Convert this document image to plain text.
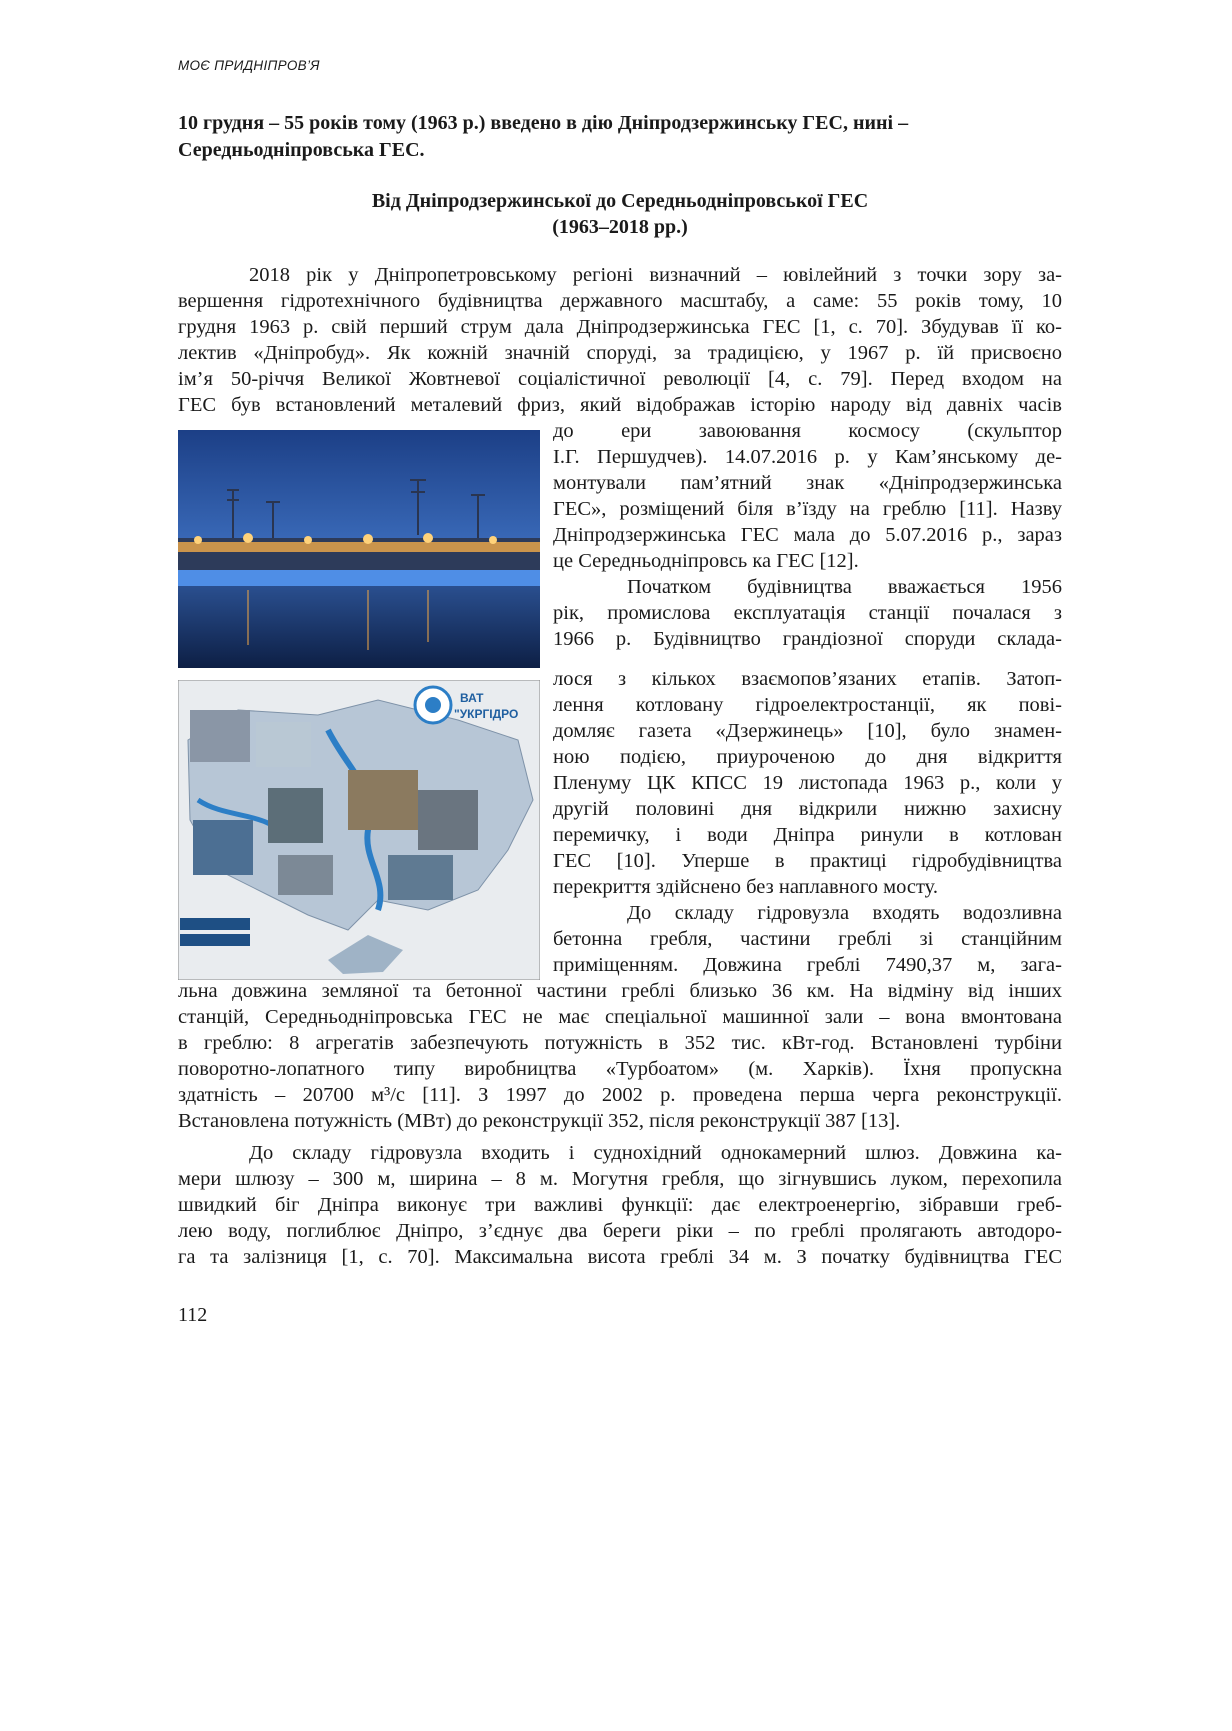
МОЄ ПРИДНІПРОВ’Я
10 грудня – 55 років тому (1963 р.) введено в дію Дніпродзержинську ГЕС, нині – Середньодніпровська ГЕС.
Від Дніпродзержинської до Середньодніпровської ГЕС
(1963–2018 рр.)
2018 рік у Дніпропетровському регіоні визначний – ювілейний з точки зору за-
вершення гідротехнічного будівництва державного масштабу, а саме: 55 років тому, 10
грудня 1963 р. свій перший струм дала Дніпродзержинська ГЕС [1, с. 70]. Збудував її ко-
лектив «Дніпробуд». Як кожній значній споруді, за традицією, у 1967 р. їй присвоєно
ім’я 50-річчя Великої Жовтневої соціалістичної революції [4, с. 79]. Перед входом на
ГЕС був встановлений металевий фриз, який відображав історію народу від давніх часів
до ери завоювання космосу (скульптор
І.Г. Першудчев). 14.07.2016 р. у Кам’янському де-
монтували пам’ятний знак «Дніпродзержинська
ГЕС», розміщений біля в’їзду на греблю [11]. Назву
Дніпродзержинська ГЕС мала до 5.07.2016 р., зараз
це Середньодніпровсь ка ГЕС [12].
Початком будівництва вважається 1956
рік, промислова експлуатація станції почалася з
1966 р. Будівництво грандіозної споруди склада-
лося з кількох взаємопов’язаних етапів. Затоп-
лення котловану гідроелектростанції, як пові-
домляє газета «Дзержинець» [10], було знамен-
ною подією, приуроченою до дня відкриття
Пленуму ЦК КПСС 19 листопада 1963 р., коли у
другій половині дня відкрили нижню захисну
перемичку, і води Дніпра ринули в котлован
ГЕС [10]. Уперше в практиці гідробудівництва
перекриття здійснено без наплавного мосту.
До складу гідровузла входять водозливна
бетонна гребля, частини греблі зі станційним
приміщенням. Довжина греблі 7490,37 м, зага-
льна довжина земляної та бетонної частини греблі близько 36 км. На відміну від інших
станцій, Середньодніпровська ГЕС не має спеціальної машинної зали – вона вмонтована
в греблю: 8 агрегатів забезпечують потужність в 352 тис. кВт-год. Встановлені турбіни
поворотно-лопатного типу виробництва «Турбоатом» (м. Харків). Їхня пропускна
здатність – 20700 м³/с [11]. З 1997 до 2002 р. проведена перша черга реконструкції.
Встановлена потужність (МВт) до реконструкції 352, після реконструкції 387 [13].
До складу гідровузла входить і суднохідний однокамерний шлюз. Довжина ка-
мери шлюзу – 300 м, ширина – 8 м. Могутня гребля, що зігнувшись луком, перехопила
швидкий біг Дніпра виконує три важливі функції: дає електроенергію, зібравши греб-
лею воду, поглиблює Дніпро, з’єднує два береги ріки – по греблі пролягають автодоро-
га та залізниця [1, с. 70]. Максимальна висота греблі 34 м. З початку будівництва ГЕС
ВАТ
"УКРГІДРО
112
